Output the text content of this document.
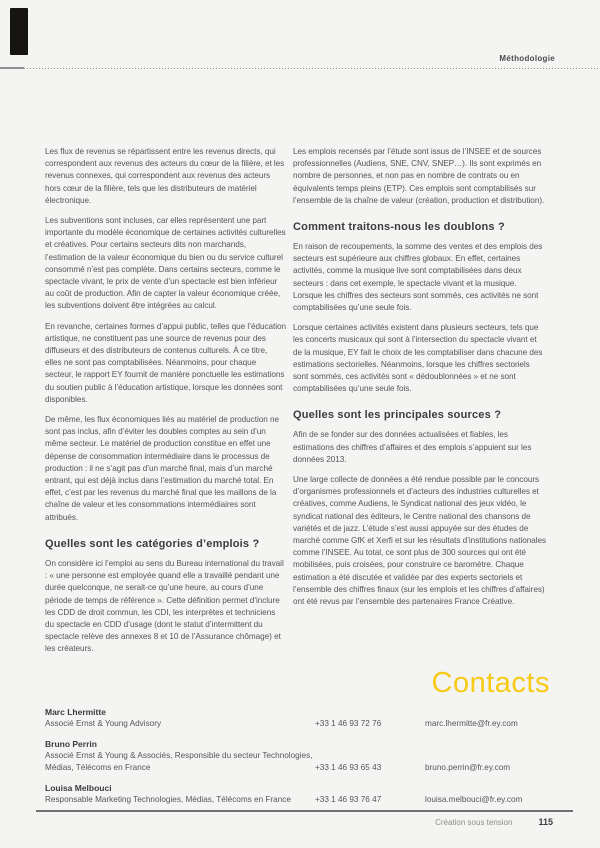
Méthodologie

Les flux de revenus se répartissent entre les revenus directs, qui correspondent aux revenus des acteurs du cœur de la filière, et les revenus connexes, qui correspondent aux revenus des acteurs hors cœur de la filière, tels que les distributeurs de matériel électronique.

Les subventions sont incluses, car elles représentent une part importante du modèle économique de certaines activités culturelles et créatives. Pour certains secteurs dits non marchands, l’estimation de la valeur économique du bien ou du service culturel consommé n’est pas complète. Dans certains secteurs, comme le spectacle vivant, le prix de vente d’un spectacle est bien inférieur au coût de production. Afin de capter la valeur économique créée, les subventions doivent être intégrées au calcul.

En revanche, certaines formes d’appui public, telles que l’éducation artistique, ne constituent pas une source de revenus pour des diffuseurs et des distributeurs de contenus culturels. À ce titre, elles ne sont pas comptabilisées. Néanmoins, pour chaque secteur, le rapport EY fournit de manière ponctuelle les estimations du soutien public à l’éducation artistique, lorsque les données sont disponibles.

De même, les flux économiques liés au matériel de production ne sont pas inclus, afin d’éviter les doubles comptes au sein d’un même secteur. Le matériel de production constitue en effet une dépense de consommation intermédiaire dans le processus de production : il ne s’agit pas d’un marché final, mais d’un marché entrant, qui est déjà inclus dans l’estimation du marché total. En effet, c’est par les revenus du marché final que les maillons de la chaîne de valeur et les consommations intermédiaires sont attribués.

Quelles sont les catégories d’emplois ?

On considère ici l’emploi au sens du Bureau international du travail : « une personne est employée quand elle a travaillé pendant une durée quelconque, ne serait-ce qu’une heure, au cours d’une période de temps de référence ». Cette définition permet d’inclure les CDD de droit commun, les CDI, les interprètes et techniciens du spectacle en CDD d’usage (dont le statut d’intermittent du spectacle relève des annexes 8 et 10 de l’Assurance chômage) et les créateurs.

Les emplois recensés par l’étude sont issus de l’INSEE et de sources professionnelles (Audiens, SNE, CNV, SNEP…). Ils sont exprimés en nombre de personnes, et non pas en nombre de contrats ou en équivalents temps pleins (ETP). Ces emplois sont comptabilisés sur l’ensemble de la chaîne de valeur (création, production et distribution).

Comment traitons-nous les doublons ?

En raison de recoupements, la somme des ventes et des emplois des secteurs est supérieure aux chiffres globaux. En effet, certaines activités, comme la musique live sont comptabilisées dans deux secteurs : dans cet exemple, le spectacle vivant et la musique. Lorsque les chiffres des secteurs sont sommés, ces activités ne sont comptabilisées qu’une seule fois.

Lorsque certaines activités existent dans plusieurs secteurs, tels que les concerts musicaux qui sont à l’intersection du spectacle vivant et de la musique, EY fait le choix de les comptabiliser dans chacune des estimations sectorielles. Néanmoins, lorsque les chiffres sectoriels sont sommés, ces activités sont « dédoublonnées » et ne sont comptabilisées qu’une seule fois.

Quelles sont les principales sources ?

Afin de se fonder sur des données actualisées et fiables, les estimations des chiffres d’affaires et des emplois s’appuient sur les données 2013.

Une large collecte de données a été rendue possible par le concours d’organismes professionnels et d’acteurs des industries culturelles et créatives, comme Audiens, le Syndicat national des jeux vidéo, le syndicat national des éditeurs, le Centre national des chansons de variétés et de jazz. L’étude s’est aussi appuyée sur des études de marché comme GfK et Xerfi et sur les résultats d’institutions nationales comme l’INSEE. Au total, ce sont plus de 300 sources qui ont été mobilisées, puis croisées, pour construire ce baromètre. Chaque estimation a été discutée et validée par des experts sectoriels et l’ensemble des chiffres finaux (sur les emplois et les chiffres d’affaires) ont été revus par l’ensemble des partenaires France Créative.

Contacts
Marc Lhermitte
Associé Ernst & Young Advisory	+33 1 46 93 72 76	marc.lhermitte@fr.ey.com
Bruno Perrin
Associé Ernst & Young & Associés, Responsible du secteur Technologies, Médias, Télécoms en France	+33 1 46 93 65 43	bruno.perrin@fr.ey.com
Louisa Melbouci
Responsable Marketing Technologies, Médias, Télécoms en France	+33 1 46 93 76 47	louisa.melbouci@fr.ey.com
Création sous tension	115
